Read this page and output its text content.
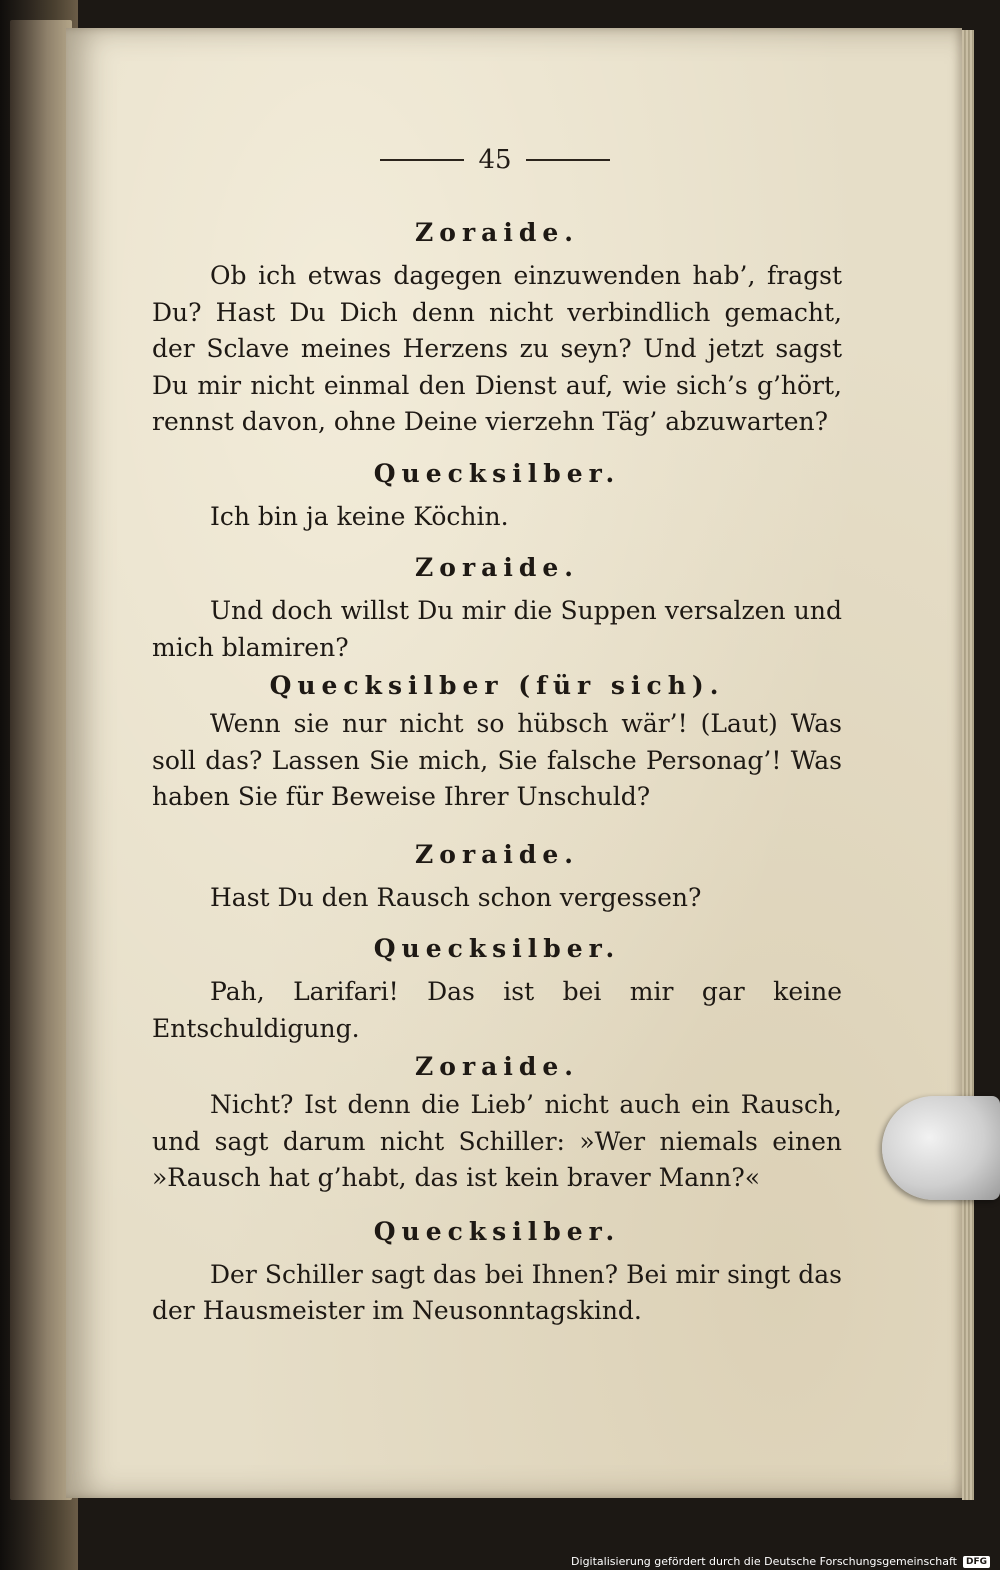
45

Zoraide.

Ob ich etwas dagegen einzuwenden hab’, fragst Du? Hast Du Dich denn nicht verbindlich gemacht, der Sclave meines Herzens zu seyn? Und jetzt sagst Du mir nicht einmal den Dienst auf, wie sich’s g’hört, rennst davon, ohne Deine vierzehn Täg’ abzuwarten?

Quecksilber.

Ich bin ja keine Köchin.

Zoraide.

Und doch willst Du mir die Suppen versalzen und mich blamiren?

Quecksilber (für sich).

Wenn sie nur nicht so hübsch wär’! (Laut) Was soll das? Lassen Sie mich, Sie falsche Personag’! Was haben Sie für Beweise Ihrer Unschuld?

Zoraide.

Hast Du den Rausch schon vergessen?

Quecksilber.

Pah, Larifari! Das ist bei mir gar keine Entschuldigung.

Zoraide.

Nicht? Ist denn die Lieb’ nicht auch ein Rausch, und sagt darum nicht Schiller: »Wer niemals einen »Rausch hat g’habt, das ist kein braver Mann?«

Quecksilber.

Der Schiller sagt das bei Ihnen? Bei mir singt das der Hausmeister im Neusonntagskind.

Digitalisierung gefördert durch die Deutsche Forschungsgemeinschaft	DFG
